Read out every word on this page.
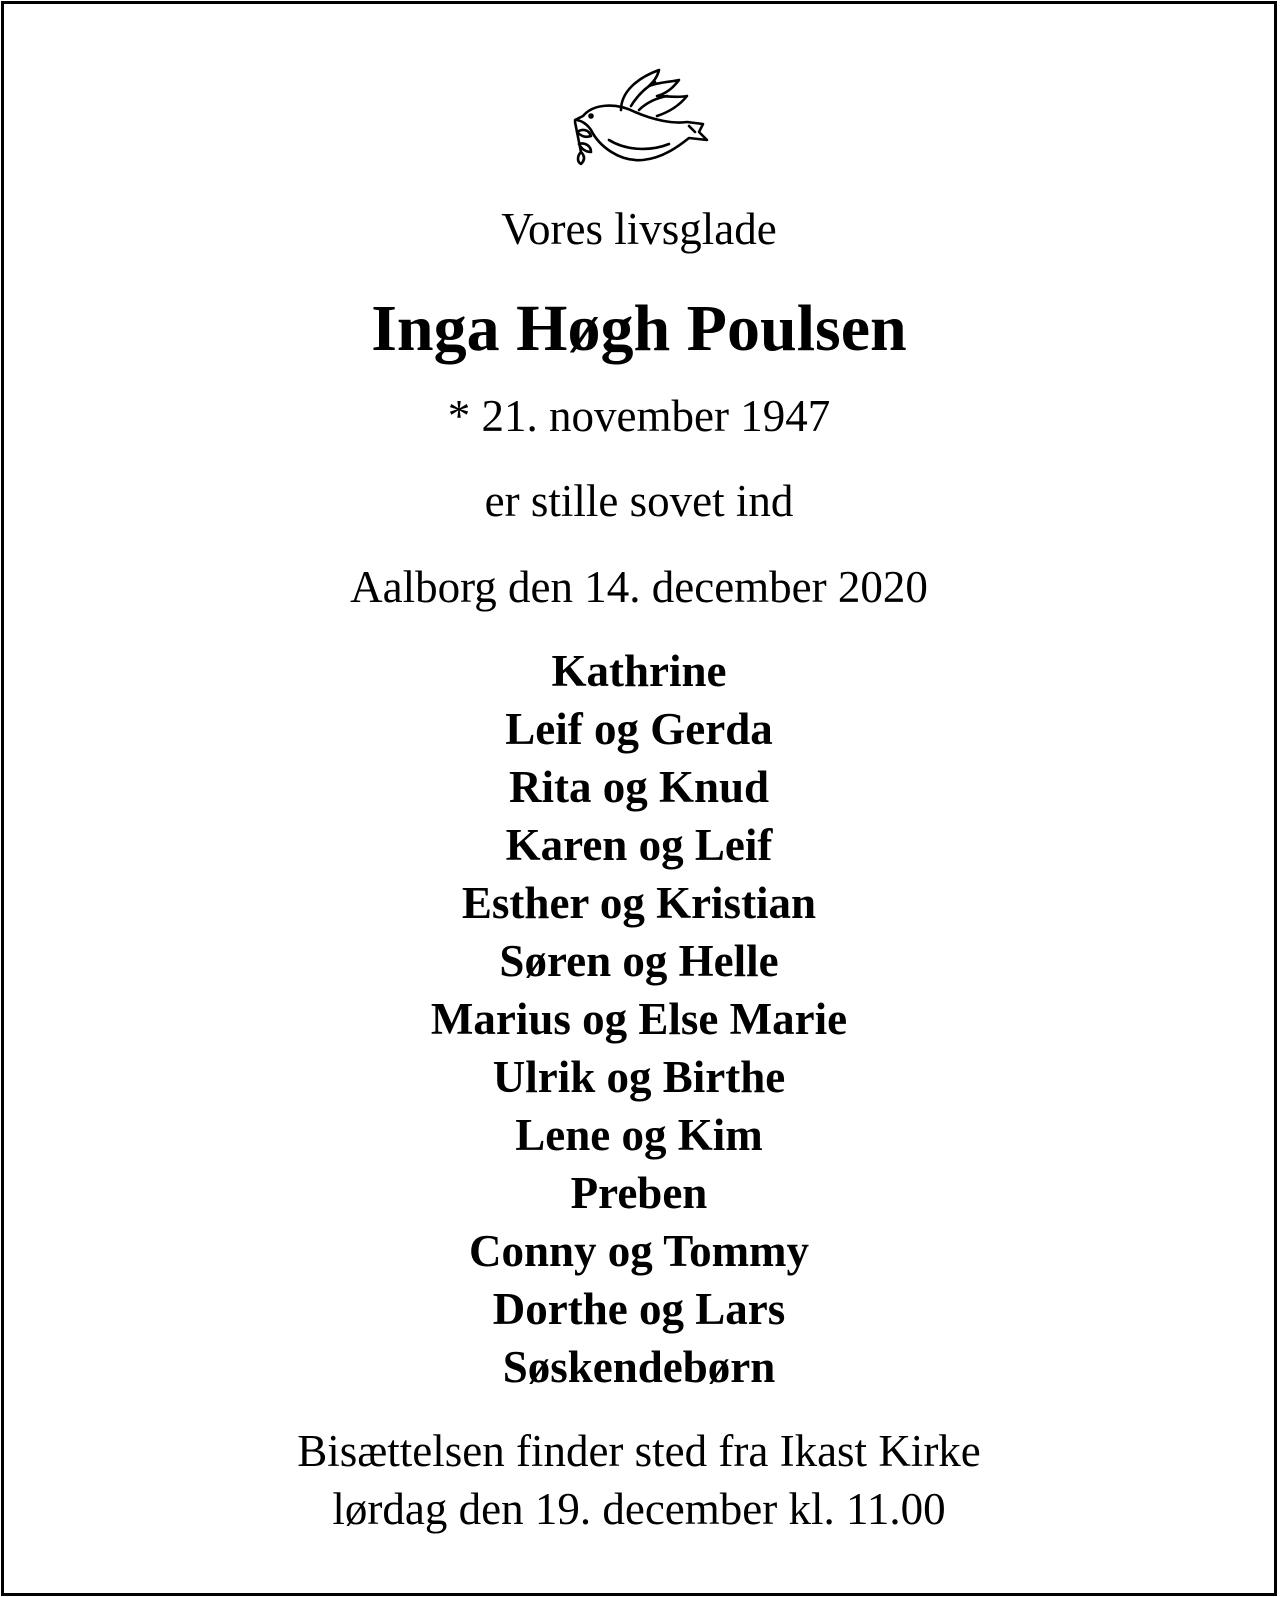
Vores livsglade
Inga Høgh Poulsen
* 21. november 1947
er stille sovet ind
Aalborg den 14. december 2020
Kathrine
Leif og Gerda
Rita og Knud
Karen og Leif
Esther og Kristian
Søren og Helle
Marius og Else Marie
Ulrik og Birthe
Lene og Kim
Preben
Conny og Tommy
Dorthe og Lars
Søskendebørn
Bisættelsen finder sted fra Ikast Kirke
lørdag den 19. december kl. 11.00
